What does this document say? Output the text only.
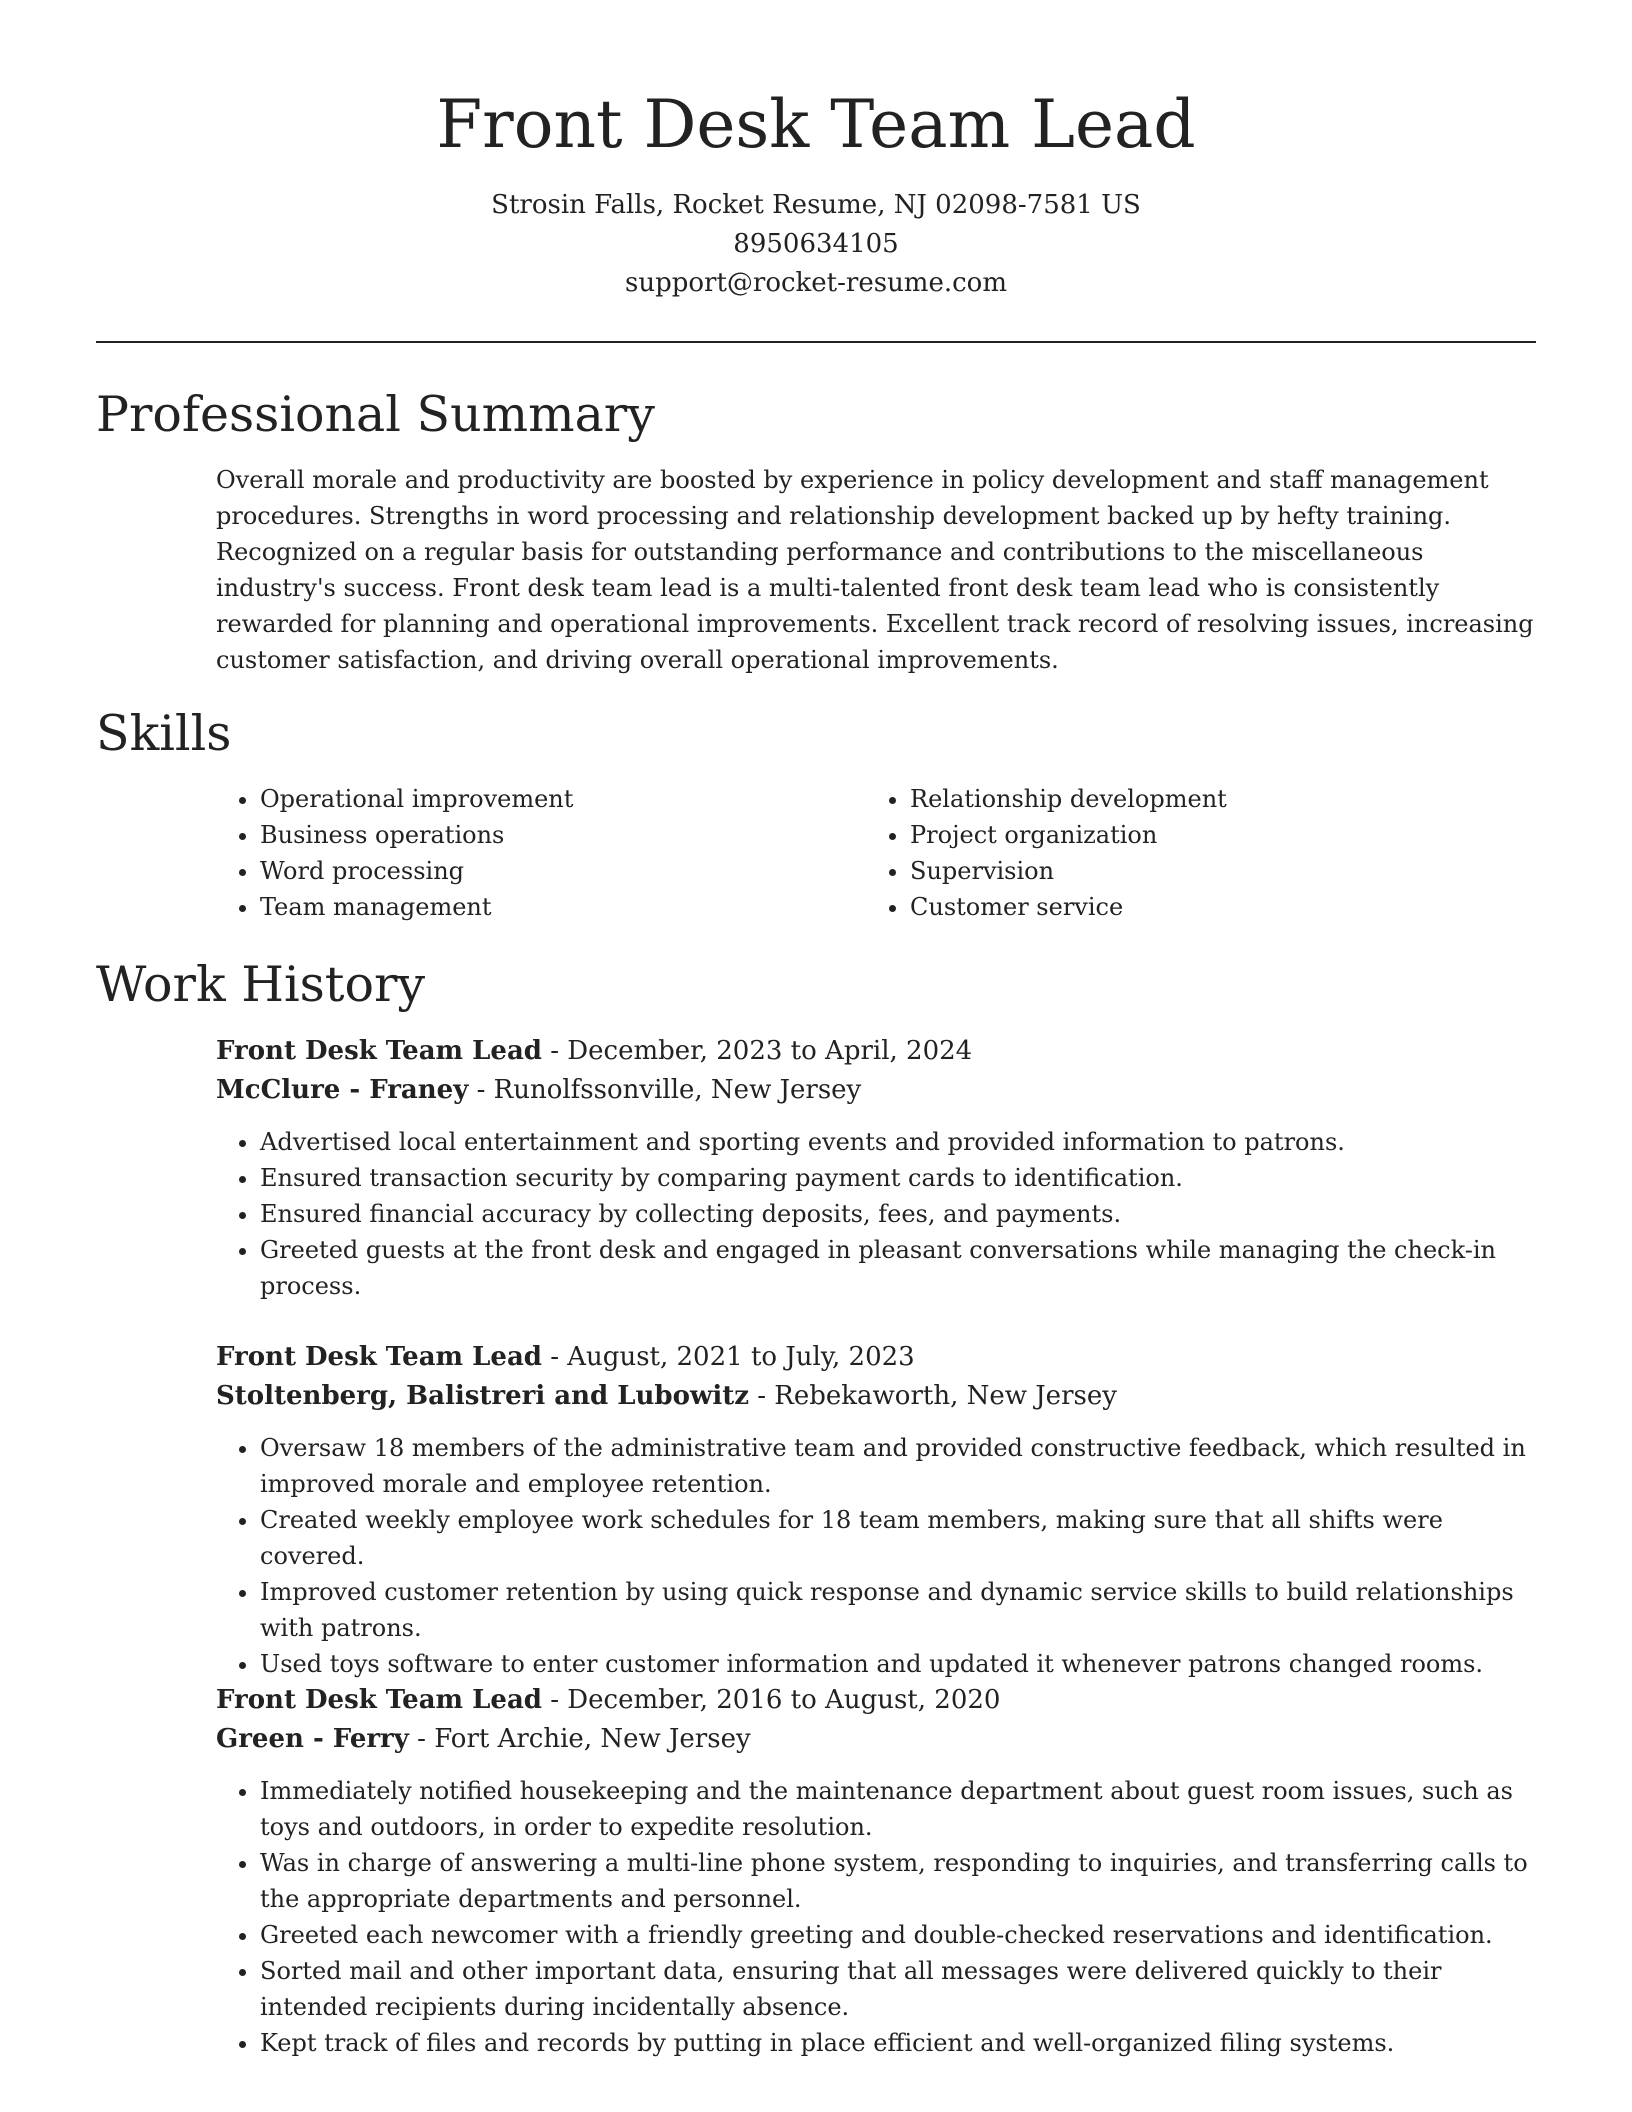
Front Desk Team Lead
Strosin Falls, Rocket Resume, NJ 02098-7581 US
8950634105
support@rocket-resume.com
Professional Summary

Overall morale and productivity are boosted by experience in policy development and staff management procedures. Strengths in word processing and relationship development backed up by hefty training. Recognized on a regular basis for outstanding performance and contributions to the miscellaneous industry's success. Front desk team lead is a multi-talented front desk team lead who is consistently rewarded for planning and operational improvements. Excellent track record of resolving issues, increasing customer satisfaction, and driving overall operational improvements.

Skills
• Operational improvement
• Business operations
• Word processing
• Team management
• Relationship development
• Project organization
• Supervision
• Customer service
Work History
Front Desk Team Lead - December, 2023 to April, 2024
McClure - Franey - Runolfssonville, New Jersey
• Advertised local entertainment and sporting events and provided information to patrons.
• Ensured transaction security by comparing payment cards to identification.
• Ensured financial accuracy by collecting deposits, fees, and payments.
• Greeted guests at the front desk and engaged in pleasant conversations while managing the check-in process.
Front Desk Team Lead - August, 2021 to July, 2023
Stoltenberg, Balistreri and Lubowitz - Rebekaworth, New Jersey
• Oversaw 18 members of the administrative team and provided constructive feedback, which resulted in improved morale and employee retention.
• Created weekly employee work schedules for 18 team members, making sure that all shifts were covered.
• Improved customer retention by using quick response and dynamic service skills to build relationships with patrons.
• Used toys software to enter customer information and updated it whenever patrons changed rooms.
Front Desk Team Lead - December, 2016 to August, 2020
Green - Ferry - Fort Archie, New Jersey
• Immediately notified housekeeping and the maintenance department about guest room issues, such as toys and outdoors, in order to expedite resolution.
• Was in charge of answering a multi-line phone system, responding to inquiries, and transferring calls to the appropriate departments and personnel.
• Greeted each newcomer with a friendly greeting and double-checked reservations and identification.
• Sorted mail and other important data, ensuring that all messages were delivered quickly to their intended recipients during incidentally absence.
• Kept track of files and records by putting in place efficient and well-organized filing systems.
